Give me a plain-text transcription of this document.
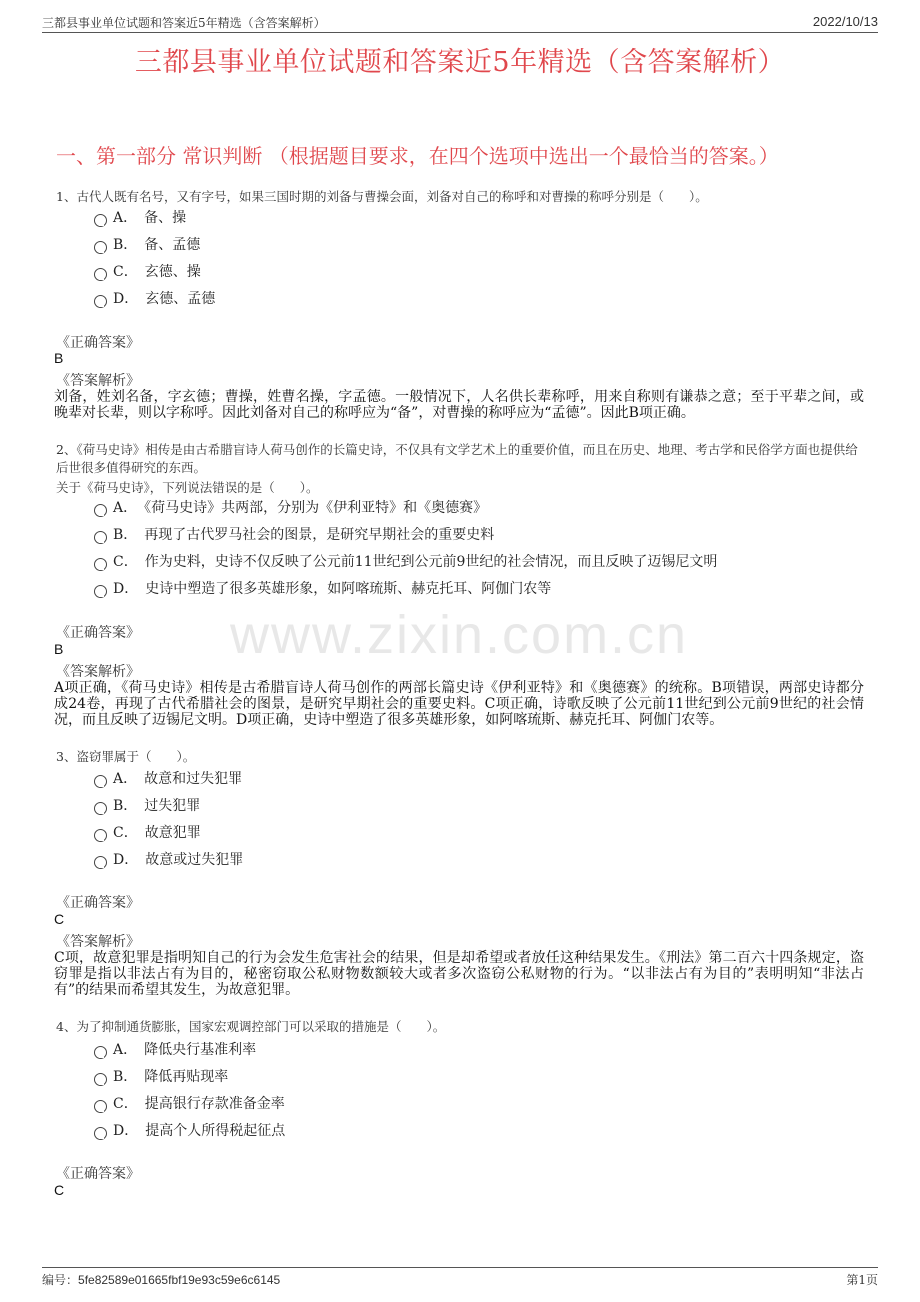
三都县事业单位试题和答案近5年精选（含答案解析）	2022/10/13
三都县事业单位试题和答案近5年精选（含答案解析）
一、第一部分 常识判断 （根据题目要求，在四个选项中选出一个最恰当的答案。）
www.zixin.com.cn
1、古代人既有名号，又有字号，如果三国时期的刘备与曹操会面，刘备对自己的称呼和对曹操的称呼分别是（　　）。
A．　备、操
B．　备、孟德
C．　玄德、操
D．　玄德、孟德
《正确答案》
B
《答案解析》
刘备，姓刘名备，字玄德；曹操，姓曹名操，字孟德。一般情况下，人名供长辈称呼，用来自称则有谦恭之意；至于平辈之间，或晚辈对长辈，则以字称呼。因此刘备对自己的称呼应为“备”，对曹操的称呼应为“孟德”。因此B项正确。
2、《荷马史诗》相传是由古希腊盲诗人荷马创作的长篇史诗，不仅具有文学艺术上的重要价值，而且在历史、地理、考古学和民俗学方面也提供给后世很多值得研究的东西。
关于《荷马史诗》，下列说法错误的是（　　）。
A．　《荷马史诗》共两部，分别为《伊利亚特》和《奥德赛》
B．　再现了古代罗马社会的图景，是研究早期社会的重要史料
C．　作为史料，史诗不仅反映了公元前11世纪到公元前9世纪的社会情况，而且反映了迈锡尼文明
D．　史诗中塑造了很多英雄形象，如阿喀琉斯、赫克托耳、阿伽门农等
《正确答案》
B
《答案解析》
A项正确，《荷马史诗》相传是古希腊盲诗人荷马创作的两部长篇史诗《伊利亚特》和《奥德赛》的统称。B项错误，两部史诗都分成24卷，再现了古代希腊社会的图景，是研究早期社会的重要史料。C项正确，诗歌反映了公元前11世纪到公元前9世纪的社会情况，而且反映了迈锡尼文明。D项正确，史诗中塑造了很多英雄形象，如阿喀琉斯、赫克托耳、阿伽门农等。
3、盗窃罪属于（　　）。
A．　故意和过失犯罪
B．　过失犯罪
C．　故意犯罪
D．　故意或过失犯罪
《正确答案》
C
《答案解析》
C项，故意犯罪是指明知自己的行为会发生危害社会的结果，但是却希望或者放任这种结果发生。《刑法》第二百六十四条规定，盗窃罪是指以非法占有为目的，秘密窃取公私财物数额较大或者多次盗窃公私财物的行为。“以非法占有为目的”表明明知“非法占有”的结果而希望其发生，为故意犯罪。
4、为了抑制通货膨胀，国家宏观调控部门可以采取的措施是（　　）。
A．　降低央行基准利率
B．　降低再贴现率
C．　提高银行存款准备金率
D．　提高个人所得税起征点
《正确答案》
C
编号：5fe82589e01665fbf19e93c59e6c6145	第1页
